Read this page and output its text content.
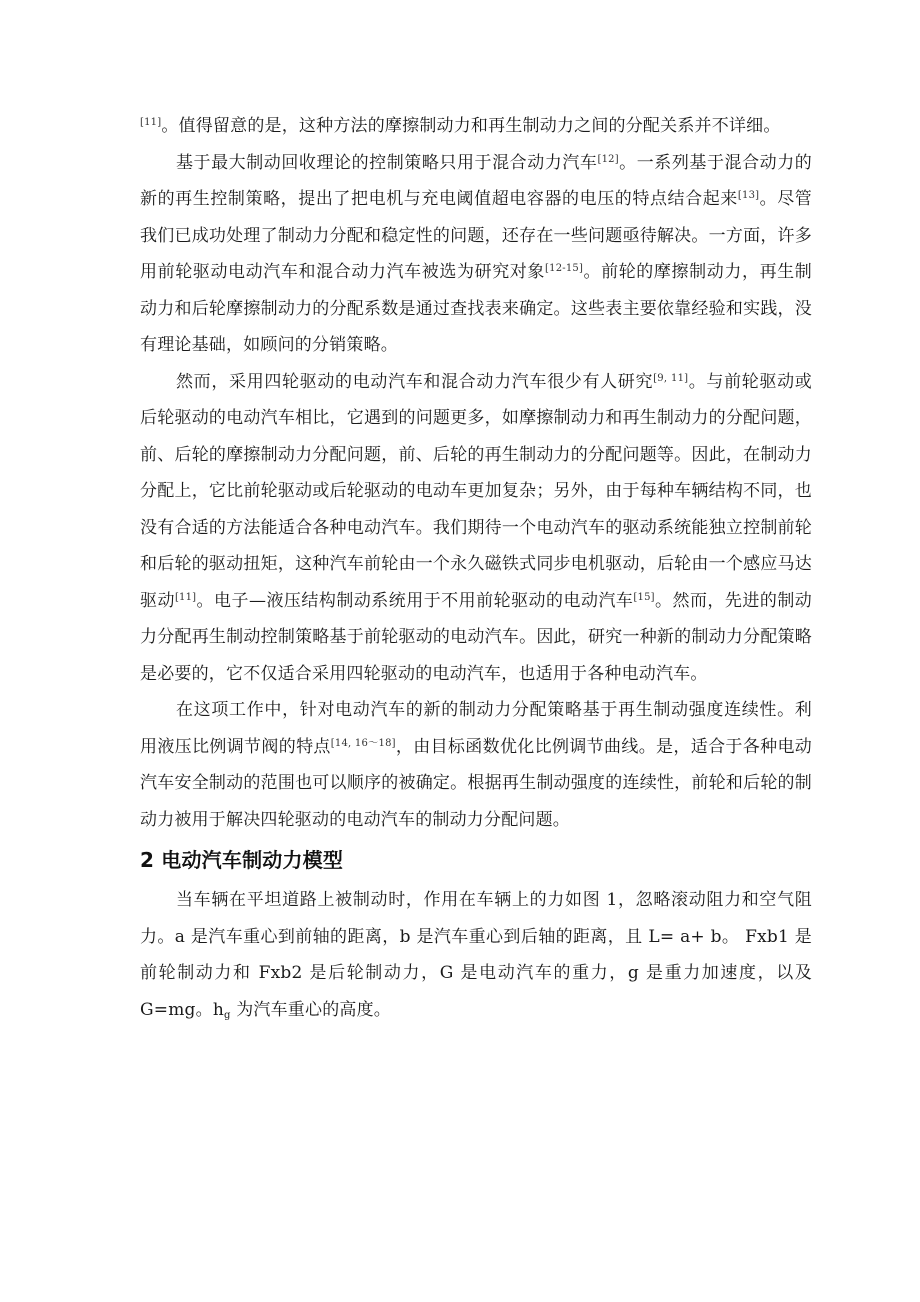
[11]。值得留意的是，这种方法的摩擦制动力和再生制动力之间的分配关系并不详细。

基于最大制动回收理论的控制策略只用于混合动力汽车[12]。一系列基于混合动力的新的再生控制策略，提出了把电机与充电阈值超电容器的电压的特点结合起来[13]。尽管我们已成功处理了制动力分配和稳定性的问题，还存在一些问题亟待解决。一方面，许多用前轮驱动电动汽车和混合动力汽车被选为研究对象[12-15]。前轮的摩擦制动力，再生制动力和后轮摩擦制动力的分配系数是通过查找表来确定。这些表主要依靠经验和实践，没有理论基础，如顾问的分销策略。

然而，采用四轮驱动的电动汽车和混合动力汽车很少有人研究[9, 11]。与前轮驱动或后轮驱动的电动汽车相比，它遇到的问题更多，如摩擦制动力和再生制动力的分配问题，前、后轮的摩擦制动力分配问题，前、后轮的再生制动力的分配问题等。因此，在制动力分配上，它比前轮驱动或后轮驱动的电动车更加复杂；另外，由于每种车辆结构不同，也没有合适的方法能适合各种电动汽车。我们期待一个电动汽车的驱动系统能独立控制前轮和后轮的驱动扭矩，这种汽车前轮由一个永久磁铁式同步电机驱动，后轮由一个感应马达驱动[11]。电子—液压结构制动系统用于不用前轮驱动的电动汽车[15]。然而，先进的制动力分配再生制动控制策略基于前轮驱动的电动汽车。因此，研究一种新的制动力分配策略是必要的，它不仅适合采用四轮驱动的电动汽车，也适用于各种电动汽车。

在这项工作中，针对电动汽车的新的制动力分配策略基于再生制动强度连续性。利用液压比例调节阀的特点[14, 16～18]，由目标函数优化比例调节曲线。是，适合于各种电动汽车安全制动的范围也可以顺序的被确定。根据再生制动强度的连续性，前轮和后轮的制动力被用于解决四轮驱动的电动汽车的制动力分配问题。

2 电动汽车制动力模型

当车辆在平坦道路上被制动时，作用在车辆上的力如图 1，忽略滚动阻力和空气阻力。a 是汽车重心到前轴的距离，b 是汽车重心到后轴的距离，且 L= a+ b。 Fxb1 是前轮制动力和 Fxb2 是后轮制动力，G 是电动汽车的重力，g 是重力加速度，以及 G=mg。$h_g$ 为汽车重心的高度。
